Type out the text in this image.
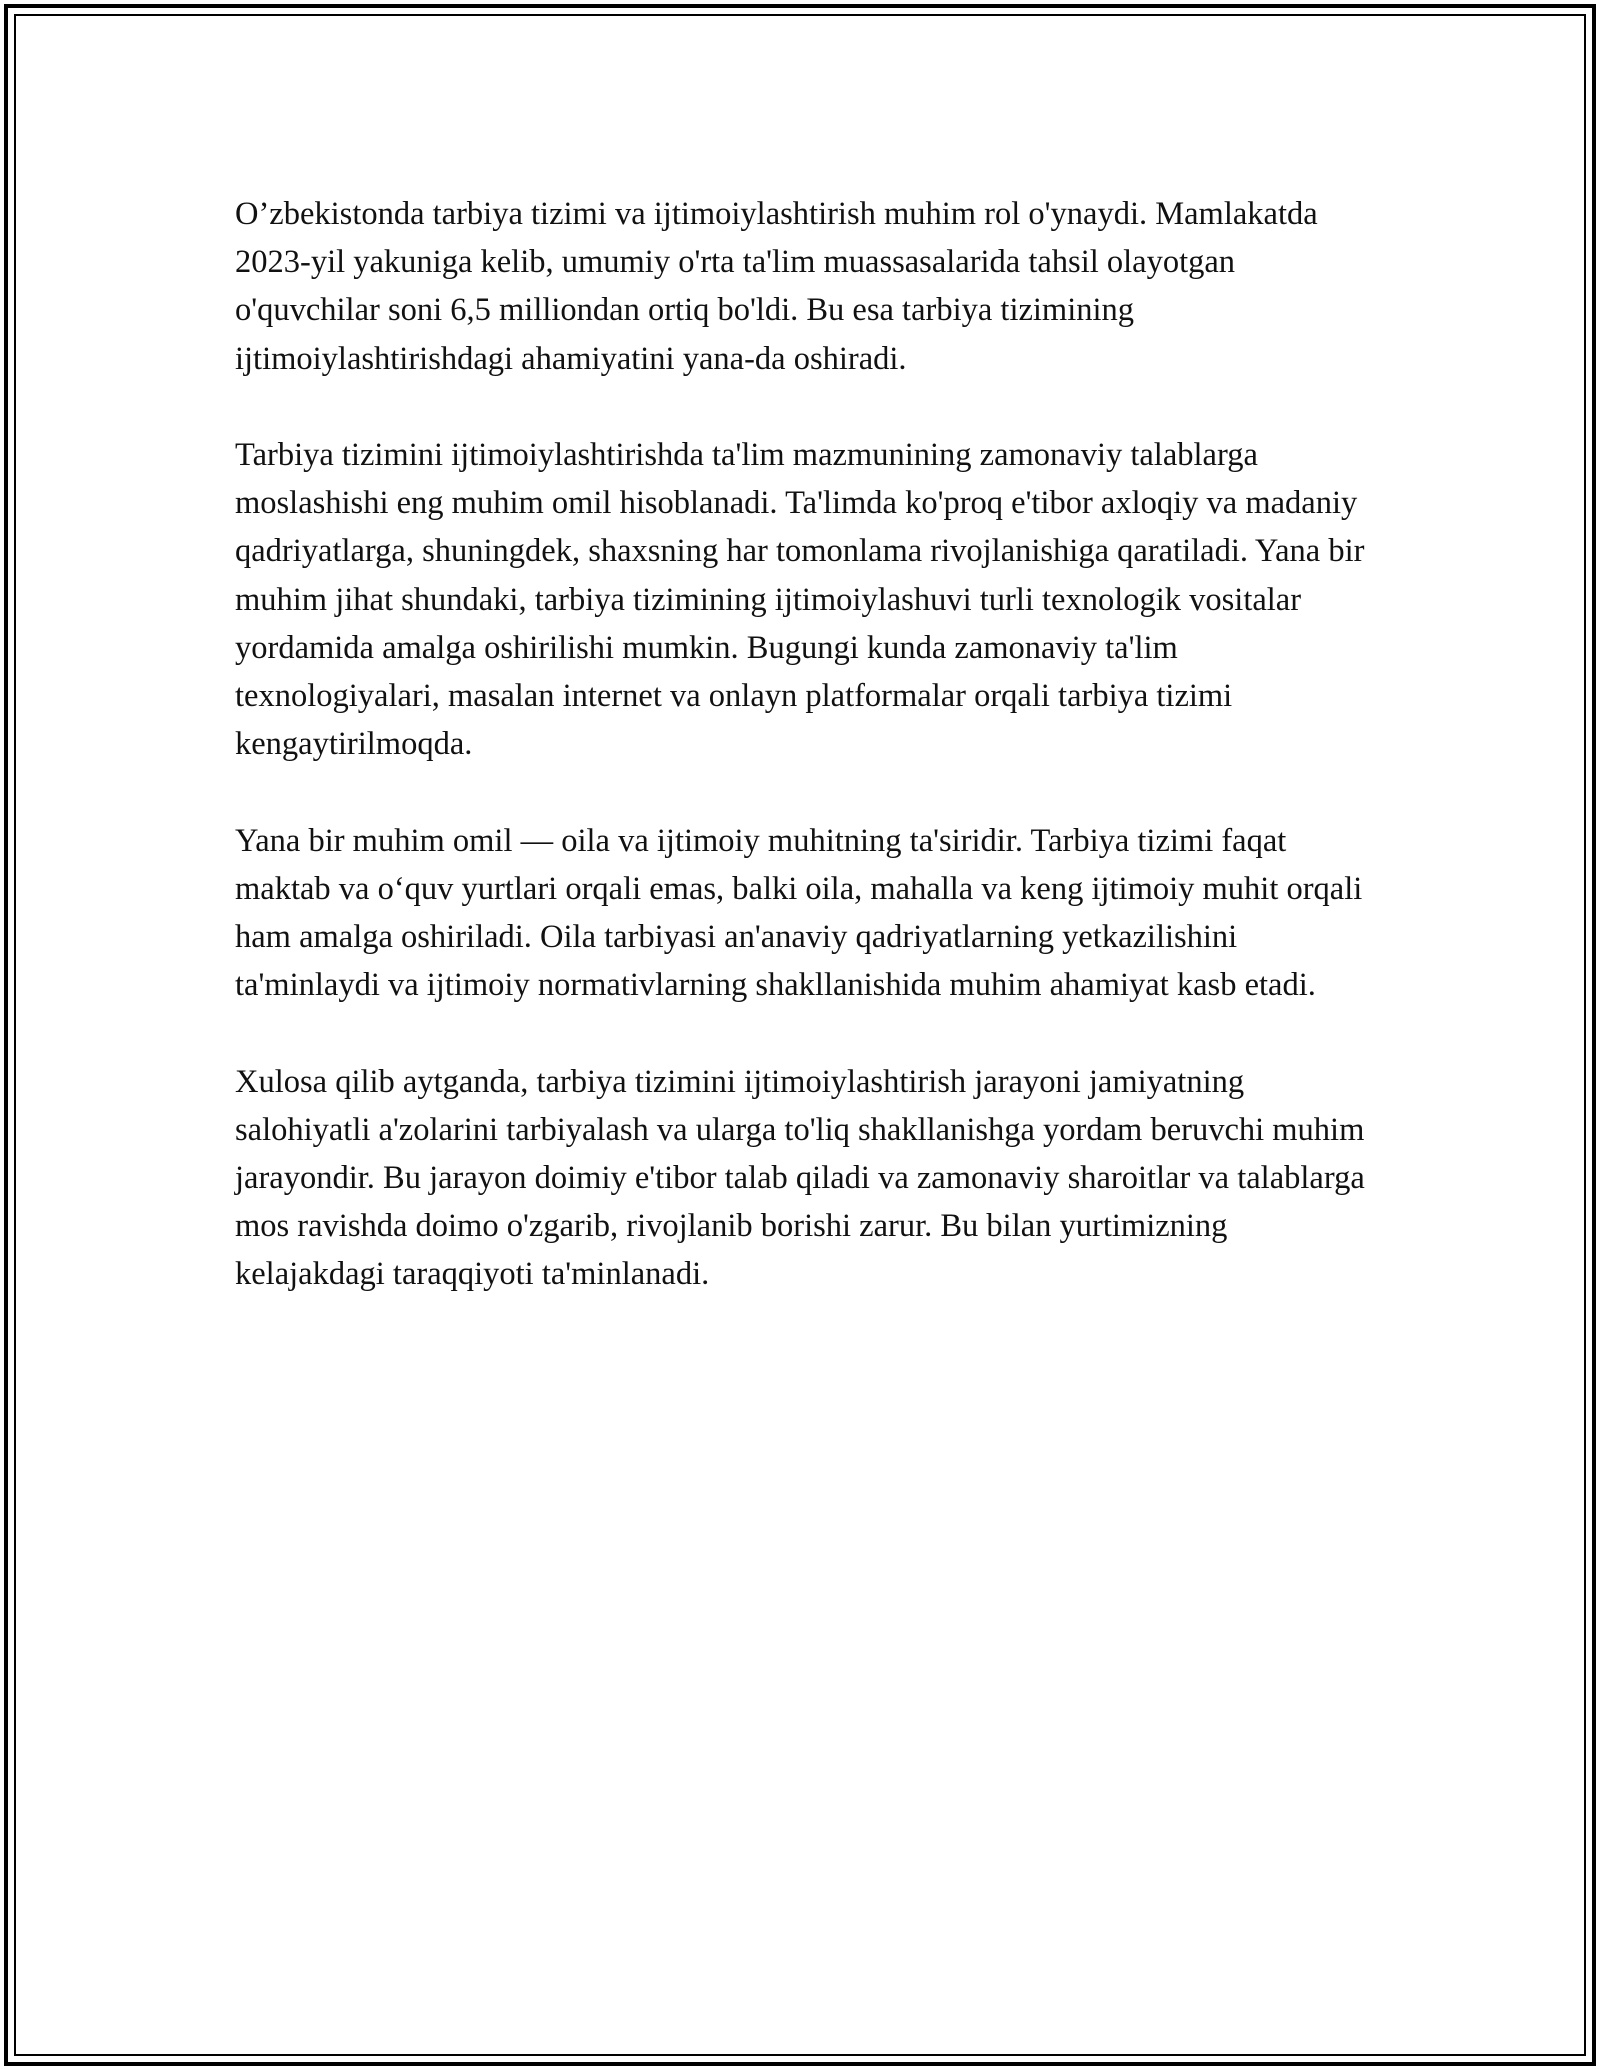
O’zbekistonda tarbiya tizimi va ijtimoiylashtirish muhim rol o'ynaydi. Mamlakatda 2023-yil yakuniga kelib, umumiy o'rta ta'lim muassasalarida tahsil olayotgan o'quvchilar soni 6,5 milliondan ortiq bo'ldi. Bu esa tarbiya tizimining ijtimoiylashtirishdagi ahamiyatini yana-da oshiradi.

Tarbiya tizimini ijtimoiylashtirishda ta'lim mazmunining zamonaviy talablarga moslashishi eng muhim omil hisoblanadi. Ta'limda ko'proq e'tibor axloqiy va madaniy qadriyatlarga, shuningdek, shaxsning har tomonlama rivojlanishiga qaratiladi. Yana bir muhim jihat shundaki, tarbiya tizimining ijtimoiylashuvi turli texnologik vositalar yordamida amalga oshirilishi mumkin. Bugungi kunda zamonaviy ta'lim texnologiyalari, masalan internet va onlayn platformalar orqali tarbiya tizimi kengaytirilmoqda.

Yana bir muhim omil — oila va ijtimoiy muhitning ta'siridir. Tarbiya tizimi faqat maktab va o‘quv yurtlari orqali emas, balki oila, mahalla va keng ijtimoiy muhit orqali ham amalga oshiriladi. Oila tarbiyasi an'anaviy qadriyatlarning yetkazilishini ta'minlaydi va ijtimoiy normativlarning shakllanishida muhim ahamiyat kasb etadi.

Xulosa qilib aytganda, tarbiya tizimini ijtimoiylashtirish jarayoni jamiyatning salohiyatli a'zolarini tarbiyalash va ularga to'liq shakllanishga yordam beruvchi muhim jarayondir. Bu jarayon doimiy e'tibor talab qiladi va zamonaviy sharoitlar va talablarga mos ravishda doimo o'zgarib, rivojlanib borishi zarur. Bu bilan yurtimizning kelajakdagi taraqqiyoti ta'minlanadi.
